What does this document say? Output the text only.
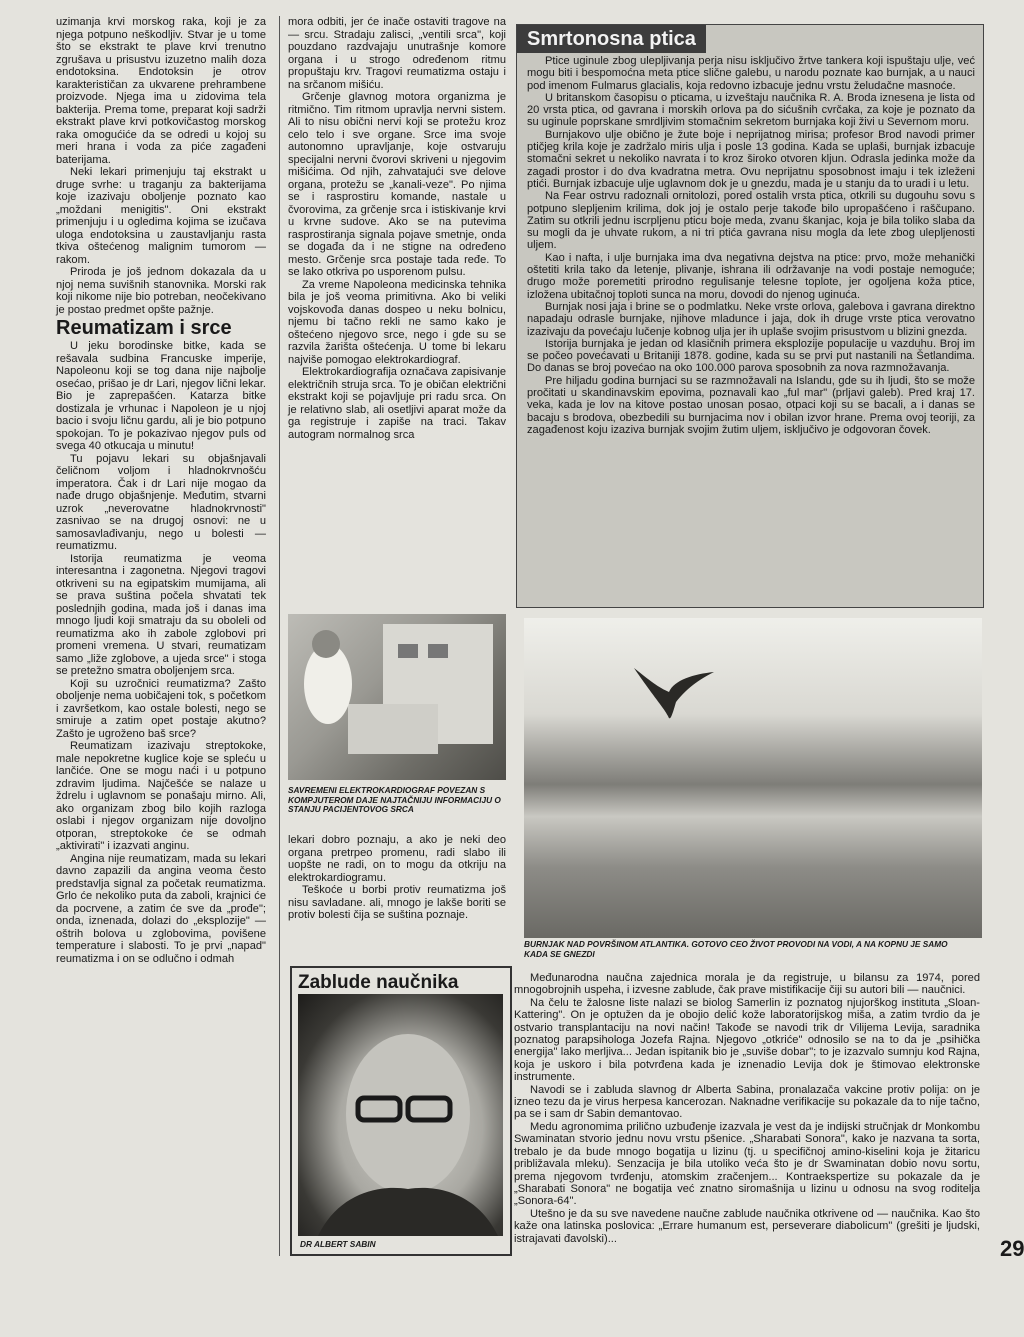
uzimanja krvi morskog raka, koji je za njega potpuno neškodljiv. Stvar je u tome što se ekstrakt te plave krvi trenutno zgrušava u prisustvu izuzetno malih doza endotoksina. Endotoksin je otrov karakterističan za ukvarene prehrambene proizvode. Njega ima u zidovima tela bakterija. Prema tome, preparat koji sadrži ekstrakt plave krvi potkovičastog morskog raka omogućiće da se odredi u kojoj su meri hrana i voda za piće zagađeni baterijama.

Neki lekari primenjuju taj ekstrakt u druge svrhe: u traganju za bakterijama koje izazivaju oboljenje poznato kao „moždani menigitis". Oni ekstrakt primenjuju i u ogledima kojima se izučava uloga endotoksina u zaustavljanju rasta tkiva oštećenog malignim tumorom — rakom.

Priroda je još jednom dokazala da u njoj nema suvišnih stanovnika. Morski rak koji nikome nije bio potreban, neočekivano je postao predmet opšte pažnje.

Reumatizam i srce

U jeku borodinske bitke, kada se rešavala sudbina Francuske imperije, Napoleonu koji se tog dana nije najbolje osećao, prišao je dr Lari, njegov lični lekar. Bio je zaprepašćen. Katarza bitke dostizala je vrhunac i Napoleon je u njoj bacio i svoju ličnu gardu, ali je bio potpuno spokojan. To je pokazivao njegov puls od svega 40 otkucaja u minutu!

Tu pojavu lekari su objašnjavali čeličnom voljom i hladnokrvnošću imperatora. Čak i dr Lari nije mogao da nađe drugo objašnjenje. Međutim, stvarni uzrok „neverovatne hladnokrvnosti" zasnivao se na drugoj osnovi: ne u samosavlađivanju, nego u bolesti — reumatizmu.

Istorija reumatizma je veoma interesantna i zagonetna. Njegovi tragovi otkriveni su na egipatskim mumijama, ali se prava suština počela shvatati tek poslednjih godina, mada još i danas ima mnogo ljudi koji smatraju da su oboleli od reumatizma ako ih zabole zglobovi pri promeni vremena. U stvari, reumatizam samo „liže zglobove, a ujeda srce" i stoga se pretežno smatra oboljenjem srca.

Koji su uzročnici reumatizma? Zašto oboljenje nema uobičajeni tok, s početkom i završetkom, kao ostale bolesti, nego se smiruje a zatim opet postaje akutno? Zašto je ugroženo baš srce?

Reumatizam izazivaju streptokoke, male nepokretne kuglice koje se spleću u lančiće. One se mogu naći i u potpuno zdravim ljudima. Najčešće se nalaze u ždrelu i uglavnom se ponašaju mirno. Ali, ako organizam zbog bilo kojih razloga oslabi i njegov organizam nije dovoljno otporan, streptokoke će se odmah „aktivirati" i izazvati anginu.

Angina nije reumatizam, mada su lekari davno zapazili da angina veoma često predstavlja signal za početak reumatizma. Grlo će nekoliko puta da zaboli, krajnici će da pocrvene, a zatim će sve da „prođe"; onda, iznenada, dolazi do „eksplozije" — oštrih bolova u zglobovima, povišene temperature i slabosti. To je prvi „napad" reumatizma i on se odlučno i odmah

mora odbiti, jer će inače ostaviti tragove na — srcu. Stradaju zalisci, „ventili srca", koji pouzdano razdvajaju unutrašnje komore organa i u strogo određenom ritmu propuštaju krv. Tragovi reumatizma ostaju i na srčanom mišiću.

Grčenje glavnog motora organizma je ritmično. Tim ritmom upravlja nervni sistem. Ali to nisu obični nervi koji se protežu kroz celo telo i sve organe. Srce ima svoje autonomno upravljanje, koje ostvaruju specijalni nervni čvorovi skriveni u njegovim mišićima. Od njih, zahvatajući sve delove organa, protežu se „kanali-veze". Po njima se i rasprostiru komande, nastale u čvorovima, za grčenje srca i istiskivanje krvi u krvne sudove. Ako se na putevima rasprostiranja signala pojave smetnje, onda se događa da i ne stigne na određeno mesto. Grčenje srca postaje tada ređe. To se lako otkriva po usporenom pulsu.

Za vreme Napoleona medicinska tehnika bila je još veoma primitivna. Ako bi veliki vojskovođa danas dospeo u neku bolnicu, njemu bi tačno rekli ne samo kako je oštećeno njegovo srce, nego i gde su se razvila žarišta oštećenja. U tome bi lekaru najviše pomogao elektrokardiograf.

Elektrokardiografija označava zapisivanje električnih struja srca. To je običan električni ekstrakt koji se pojavljuje pri radu srca. On je relativno slab, ali osetljivi aparat može da ga registruje i zapiše na traci. Takav autogram normalnog srca

SAVREMENI ELEKTROKARDIOGRAF POVEZAN S KOMPJUTEROM DAJE NAJTAČNIJU INFORMACIJU O STANJU PACIJENTOVOG SRCA

lekari dobro poznaju, a ako je neki deo organa pretrpeo promenu, radi slabo ili uopšte ne radi, on to mogu da otkriju na elektrokardiogramu.

Teškoće u borbi protiv reumatizma još nisu savladane. ali, mnogo je lakše boriti se protiv bolesti čija se suština poznaje.

Smrtonosna ptica

Ptice uginule zbog ulepljivanja perja nisu isključivo žrtve tankera koji ispuštaju ulje, već mogu biti i bespomoćna meta ptice slične galebu, u narodu poznate kao burnjak, a u nauci pod imenom Fulmarus glacialis, koja redovno izbacuje jednu vrstu želudačne masnoće.

U britanskom časopisu o pticama, u izveštaju naučnika R. A. Broda iznesena je lista od 20 vrsta ptica, od gavrana i morskih orlova pa do sićušnih cvrčaka, za koje je poznato da su uginule poprskane smrdljivim stomačnim sekretom burnjaka koji živi u Severnom moru.

Burnjakovo ulje obično je žute boje i neprijatnog mirisa; profesor Brod navodi primer ptičjeg krila koje je zadržalo miris ulja i posle 13 godina. Kada se uplaši, burnjak izbacuje stomačni sekret u nekoliko navrata i to kroz široko otvoren kljun. Odrasla jedinka može da zagadi prostor i do dva kvadratna metra. Ovu neprijatnu sposobnost imaju i tek izleženi ptići. Burnjak izbacuje ulje uglavnom dok je u gnezdu, mada je u stanju da to uradi i u letu.

Na Fear ostrvu radoznali ornitolozi, pored ostalih vrsta ptica, otkrili su dugouhu sovu s potpuno slepljenim krilima, dok joj je ostalo perje takođe bilo upropašćeno i raščupano. Zatim su otkrili jednu iscrpljenu pticu boje meda, zvanu škanjac, koja je bila toliko slaba da su mogli da je uhvate rukom, a ni tri ptića gavrana nisu mogla da lete zbog ulepljenosti uljem.

Kao i nafta, i ulje burnjaka ima dva negativna dejstva na ptice: prvo, može mehanički oštetiti krila tako da letenje, plivanje, ishrana ili održavanje na vodi postaje nemoguće; drugo može poremetiti prirodno regulisanje telesne toplote, jer ogoljena koža ptice, izložena ubitačnoj toploti sunca na moru, dovodi do njenog uginuća.

Burnjak nosi jaja i brine se o podmlatku. Neke vrste orlova, galebova i gavrana direktno napadaju odrasle burnjake, njihove mladunce i jaja, dok ih druge vrste ptica verovatno izazivaju da povećaju lučenje kobnog ulja jer ih uplaše svojim prisustvom u blizini gnezda.

Istorija burnjaka je jedan od klasičnih primera eksplozije populacije u vazduhu. Broj im se počeo povećavati u Britaniji 1878. godine, kada su se prvi put nastanili na Šetlandima. Do danas se broj povećao na oko 100.000 parova sposobnih za nova razmnožavanja.

Pre hiljadu godina burnjaci su se razmnožavali na Islandu, gde su ih ljudi, što se može pročitati u skandinavskim epovima, poznavali kao „ful mar" (prljavi galeb). Pred kraj 17. veka, kada je lov na kitove postao unosan posao, otpaci koji su se bacali, a i danas se bacaju s brodova, obezbedili su burnjacima nov i obilan izvor hrane. Prema ovoj teoriji, za zagađenost koju izaziva burnjak svojim žutim uljem, isključivo je odgovoran čovek.

BURNJAK NAD POVRŠINOM ATLANTIKA. GOTOVO CEO ŽIVOT PROVODI NA VODI, A NA KOPNU JE SAMO KADA SE GNEZDI
Zablude naučnika
DR ALBERT SABIN

Međunarodna naučna zajednica morala je da registruje, u bilansu za 1974, pored mnogobrojnih uspeha, i izvesne zablude, čak prave mistifikacije čiji su autori bili — naučnici.

Na čelu te žalosne liste nalazi se biolog Samerlin iz poznatog njujorškog instituta „Sloan-Kattering". On je optužen da je obojio delić kože laboratorijskog miša, a zatim tvrdio da je ostvario transplantaciju na novi način! Takođe se navodi trik dr Vilijema Levija, saradnika poznatog parapsihologa Jozefa Rajna. Njegovo „otkriće" odnosilo se na to da je „psihička energija" lako merljiva... Jedan ispitanik bio je „suviše dobar"; to je izazvalo sumnju kod Rajna, koja je uskoro i bila potvrđena kada je iznenadio Levija dok je štimovao elektronske instrumente.

Navodi se i zabluda slavnog dr Alberta Sabina, pronalazača vakcine protiv polija: on je izneo tezu da je virus herpesa kancerozan. Naknadne verifikacije su pokazale da to nije tačno, pa se i sam dr Sabin demantovao.

Medu agronomima prilično uzbuđenje izazvala je vest da je indijski stručnjak dr Monkombu Swaminatan stvorio jednu novu vrstu pšenice. „Sharabati Sonora", kako je nazvana ta sorta, trebalo je da bude mnogo bogatija u lizinu (tj. u specifičnoj amino-kiselini koja je žitaricu približavala mleku). Senzacija je bila utoliko veća što je dr Swaminatan dobio novu sortu, prema njegovom tvrđenju, atomskim zračenjem... Kontraekspertize su pokazale da je „Sharabati Sonora" ne bogatija već znatno siromašnija u lizinu u odnosu na svog roditelja „Sonora-64".

Utešno je da su sve navedene naučne zablude naučnika otkrivene od — naučnika. Kao što kaže ona latinska poslovica: „Errare humanum est, perseverare diabolicum" (grešiti je ljudski, istrajavati đavolski)...	29
